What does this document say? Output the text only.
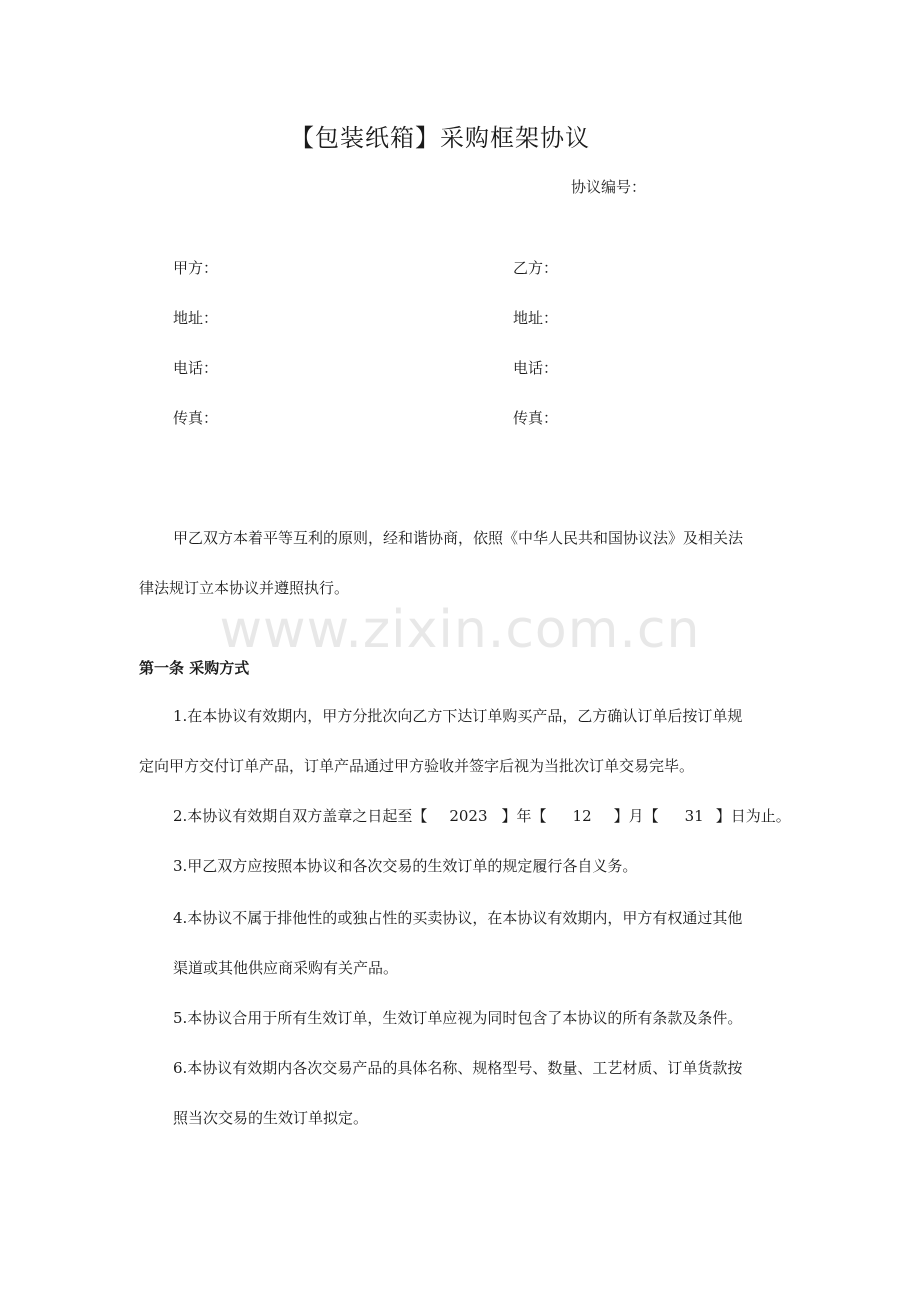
【包装纸箱】采购框架协议
协议编号：
甲方：
地址：
电话：
传真：
乙方：
地址：
电话：
传真：
甲乙双方本着平等互利的原则，经和谐协商，依照《中华人民共和国协议法》及相关法
律法规订立本协议并遵照执行。
www.zixin.com.cn
第一条 采购方式
1.在本协议有效期内，甲方分批次向乙方下达订单购买产品，乙方确认订单后按订单规
定向甲方交付订单产品，订单产品通过甲方验收并签字后视为当批次订单交易完毕。
2.本协议有效期自双方盖章之日起至【 2023 】年【 12 】月【 31 】日为止。
3.甲乙双方应按照本协议和各次交易的生效订单的规定履行各自义务。
4.本协议不属于排他性的或独占性的买卖协议，在本协议有效期内，甲方有权通过其他
渠道或其他供应商采购有关产品。
5.本协议合用于所有生效订单，生效订单应视为同时包含了本协议的所有条款及条件。
6.本协议有效期内各次交易产品的具体名称、规格型号、数量、工艺材质、订单货款按
照当次交易的生效订单拟定。
